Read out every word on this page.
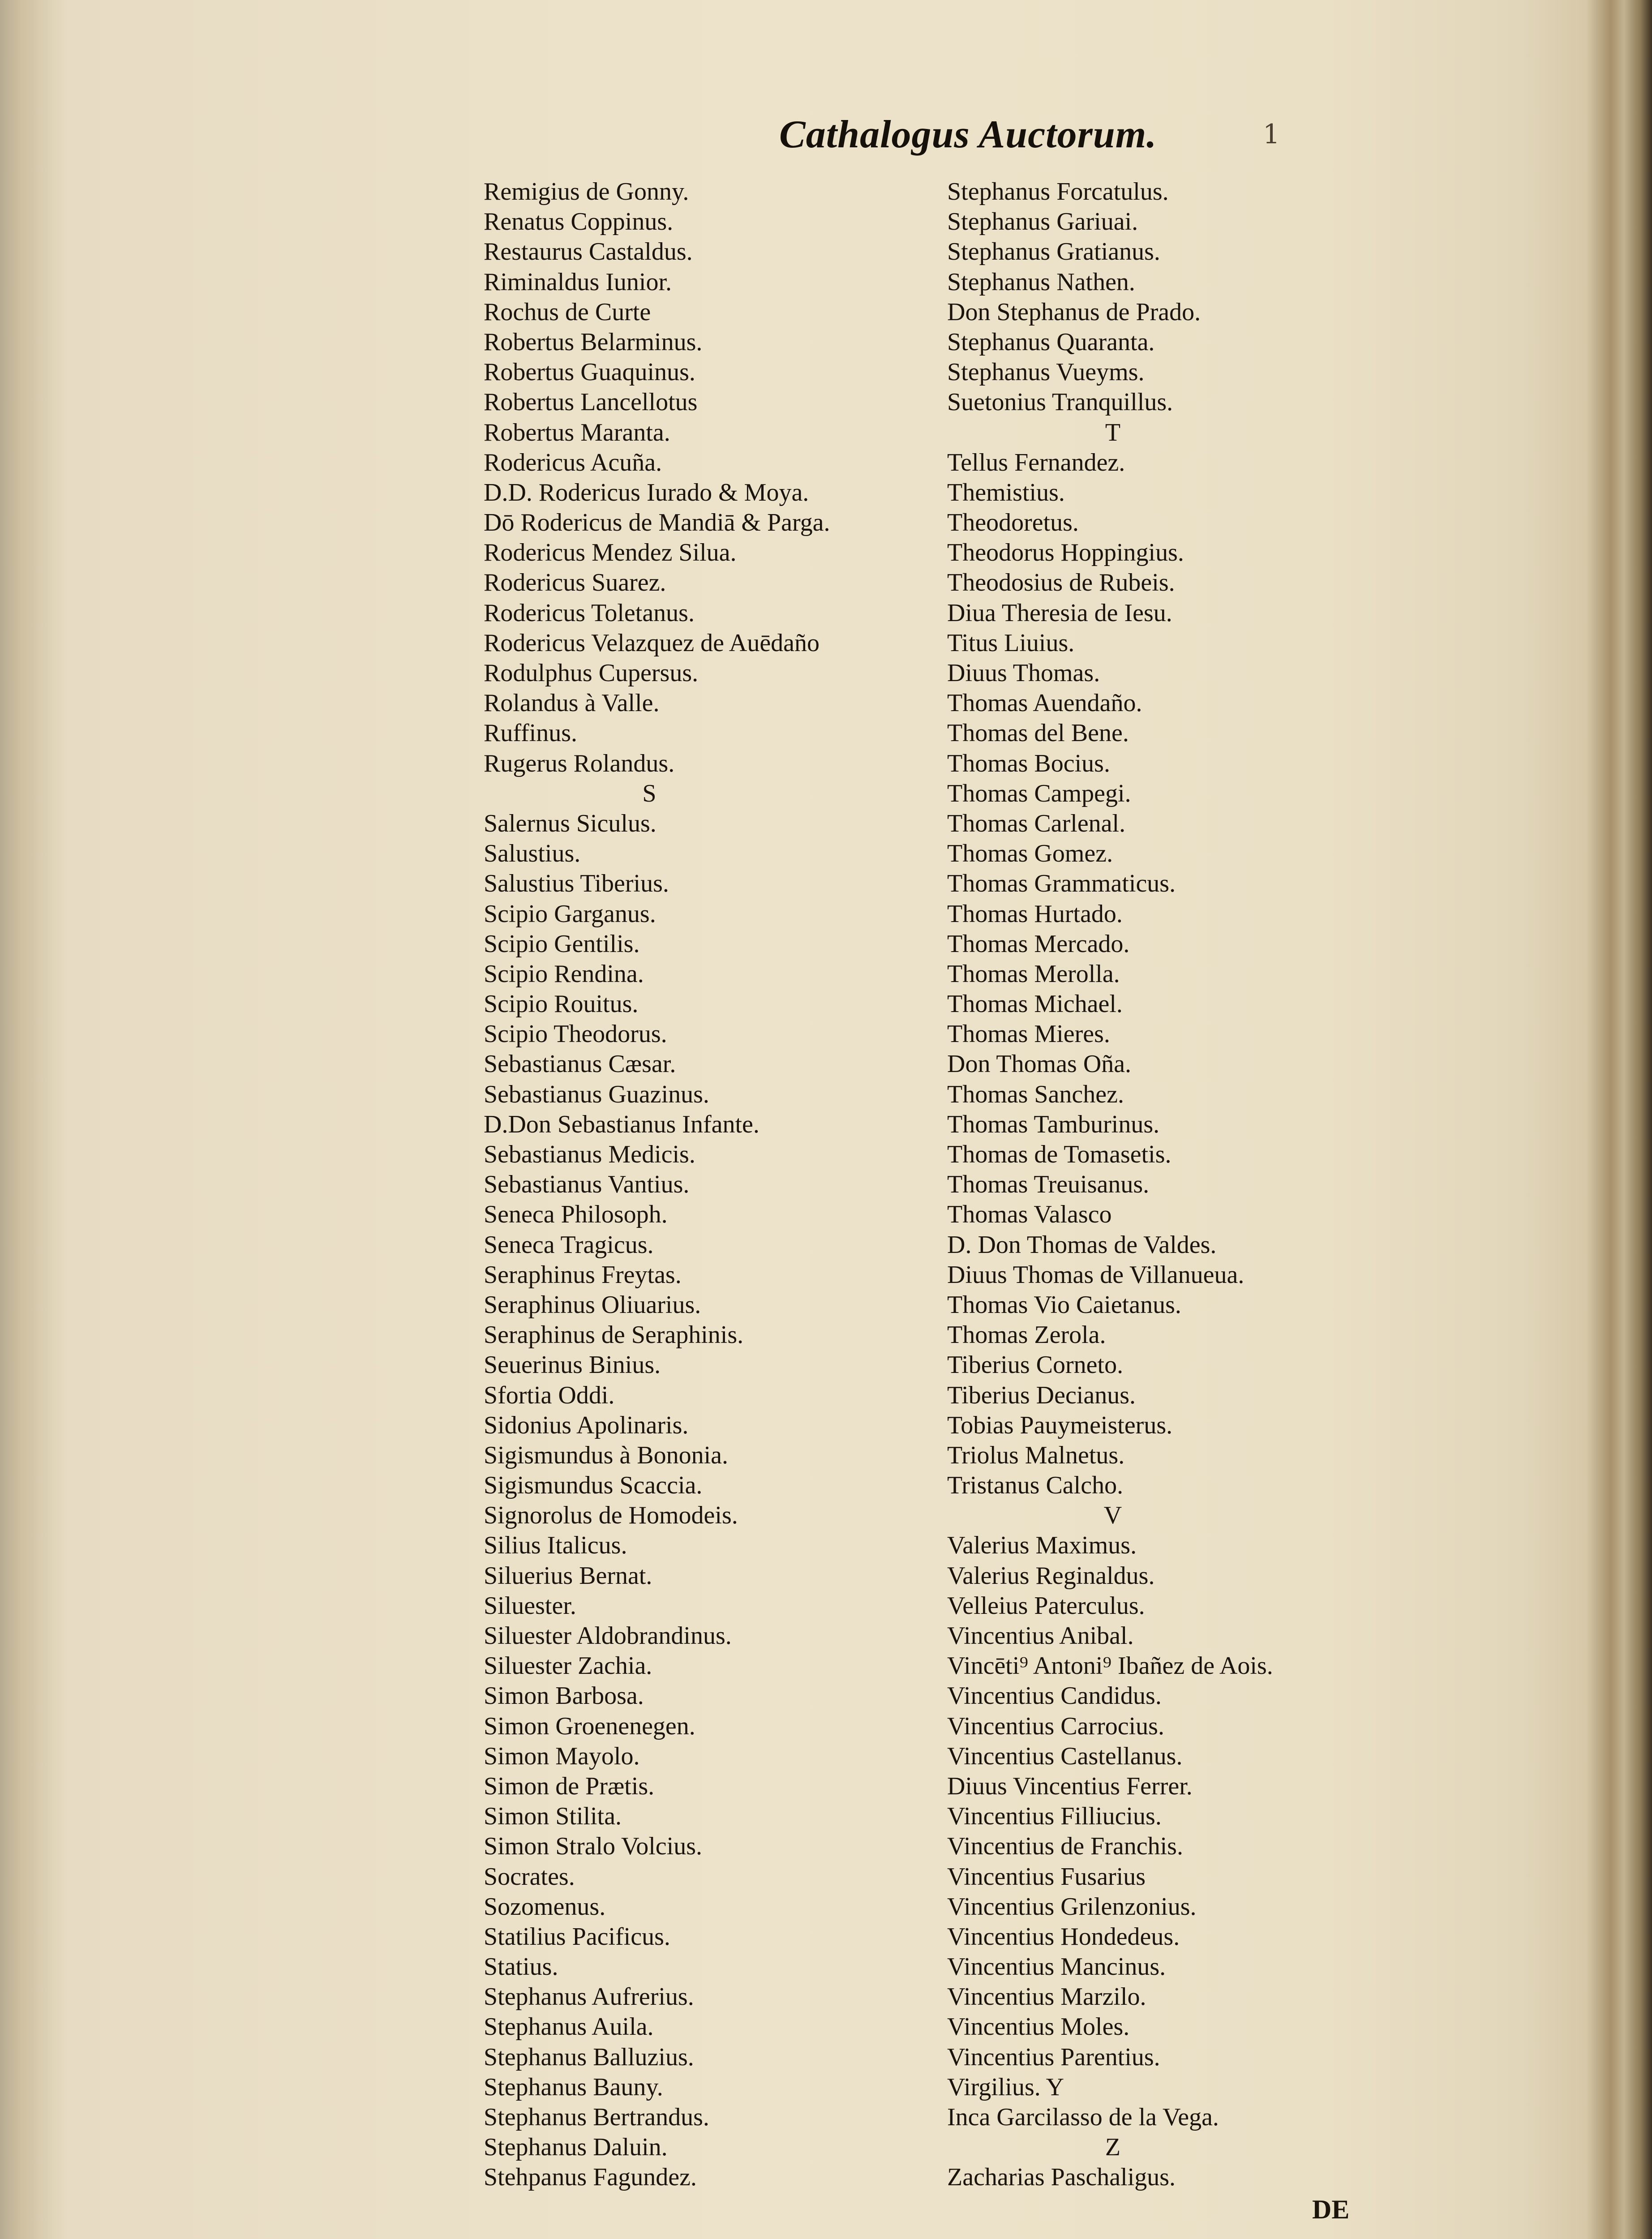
Cathalogus Auctorum.	1
Remigius de Gonny.
Renatus Coppinus.
Restaurus Castaldus.
Riminaldus Iunior.
Rochus de Curte
Robertus Belarminus.
Robertus Guaquinus.
Robertus Lancellotus
Robertus Maranta.
Rodericus Acuña.
D.D. Rodericus Iurado & Moya.
Dō Rodericus de Mandiā & Parga.
Rodericus Mendez Silua.
Rodericus Suarez.
Rodericus Toletanus.
Rodericus Velazquez de Auēdaño
Rodulphus Cupersus.
Rolandus à Valle.
Ruffinus.
Rugerus Rolandus.
S
Salernus Siculus.
Salustius.
Salustius Tiberius.
Scipio Garganus.
Scipio Gentilis.
Scipio Rendina.
Scipio Rouitus.
Scipio Theodorus.
Sebastianus Cæsar.
Sebastianus Guazinus.
D.Don Sebastianus Infante.
Sebastianus Medicis.
Sebastianus Vantius.
Seneca Philosoph.
Seneca Tragicus.
Seraphinus Freytas.
Seraphinus Oliuarius.
Seraphinus de Seraphinis.
Seuerinus Binius.
Sfortia Oddi.
Sidonius Apolinaris.
Sigismundus à Bononia.
Sigismundus Scaccia.
Signorolus de Homodeis.
Silius Italicus.
Siluerius Bernat.
Siluester.
Siluester Aldobrandinus.
Siluester Zachia.
Simon Barbosa.
Simon Groenenegen.
Simon Mayolo.
Simon de Prætis.
Simon Stilita.
Simon Stralo Volcius.
Socrates.
Sozomenus.
Statilius Pacificus.
Statius.
Stephanus Aufrerius.
Stephanus Auila.
Stephanus Balluzius.
Stephanus Bauny.
Stephanus Bertrandus.
Stephanus Daluin.
Stehpanus Fagundez.
Stephanus Forcatulus.
Stephanus Gariuai.
Stephanus Gratianus.
Stephanus Nathen.
Don Stephanus de Prado.
Stephanus Quaranta.
Stephanus Vueyms.
Suetonius Tranquillus.
T
Tellus Fernandez.
Themistius.
Theodoretus.
Theodorus Hoppingius.
Theodosius de Rubeis.
Diua Theresia de Iesu.
Titus Liuius.
Diuus Thomas.
Thomas Auendaño.
Thomas del Bene.
Thomas Bocius.
Thomas Campegi.
Thomas Carlenal.
Thomas Gomez.
Thomas Grammaticus.
Thomas Hurtado.
Thomas Mercado.
Thomas Merolla.
Thomas Michael.
Thomas Mieres.
Don Thomas Oña.
Thomas Sanchez.
Thomas Tamburinus.
Thomas de Tomasetis.
Thomas Treuisanus.
Thomas Valasco
D. Don Thomas de Valdes.
Diuus Thomas de Villanueua.
Thomas Vio Caietanus.
Thomas Zerola.
Tiberius Corneto.
Tiberius Decianus.
Tobias Pauymeisterus.
Triolus Malnetus.
Tristanus Calcho.
V
Valerius Maximus.
Valerius Reginaldus.
Velleius Paterculus.
Vincentius Anibal.
Vincēti⁹ Antoni⁹ Ibañez de Aois.
Vincentius Candidus.
Vincentius Carrocius.
Vincentius Castellanus.
Diuus Vincentius Ferrer.
Vincentius Filliucius.
Vincentius de Franchis.
Vincentius Fusarius
Vincentius Grilenzonius.
Vincentius Hondedeus.
Vincentius Mancinus.
Vincentius Marzilo.
Vincentius Moles.
Vincentius Parentius.
Virgilius. Y
Inca Garcilasso de la Vega.
Z
Zacharias Paschaligus.
DE
